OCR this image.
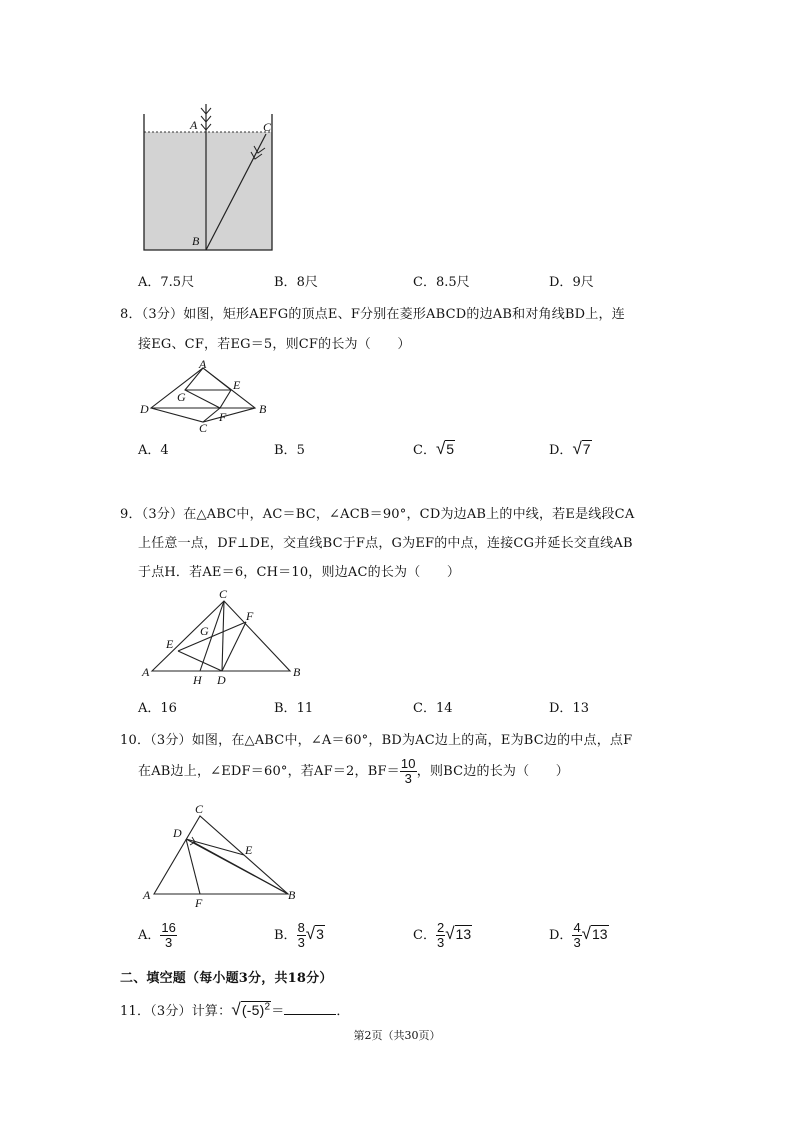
A	C
B
A．7.5尺	B．8尺	C．8.5尺	D．9尺
8．（3分）如图，矩形AEFG的顶点E、F分别在菱形ABCD的边AB和对角线BD上，连
接EG、CF，若EG＝5，则CF的长为（　　）
A
E
G
D	B
F
C
A．4	B．5	C．√5	D．√7
9．（3分）在△ABC中，AC＝BC，∠ACB＝90°，CD为边AB上的中线，若E是线段CA
上任意一点，DF⊥DE，交直线BC于F点，G为EF的中点，连接CG并延长交直线AB
于点H．若AE＝6，CH＝10，则边AC的长为（　　）
C
F
G
E
A	B
H D
A．16	B．11	C．14	D．13
10．（3分）如图，在△ABC中，∠A＝60°，BD为AC边上的高，E为BC边的中点，点F
在AB边上，∠EDF＝60°，若AF＝2，$BF= \frac{10}{3}$ ，则BC边的长为（　　）
C
D
E
A	B
F
A． $\frac{16}{3}$	B． $\frac{8}{3} √3$	C． $\frac{2}{3} √13$	D． $\frac{4}{3} √13$
二、填空题（每小题3分，共18分）
11．（3分）计算：$√(-5)^2=$	．
第2页（共30页）
